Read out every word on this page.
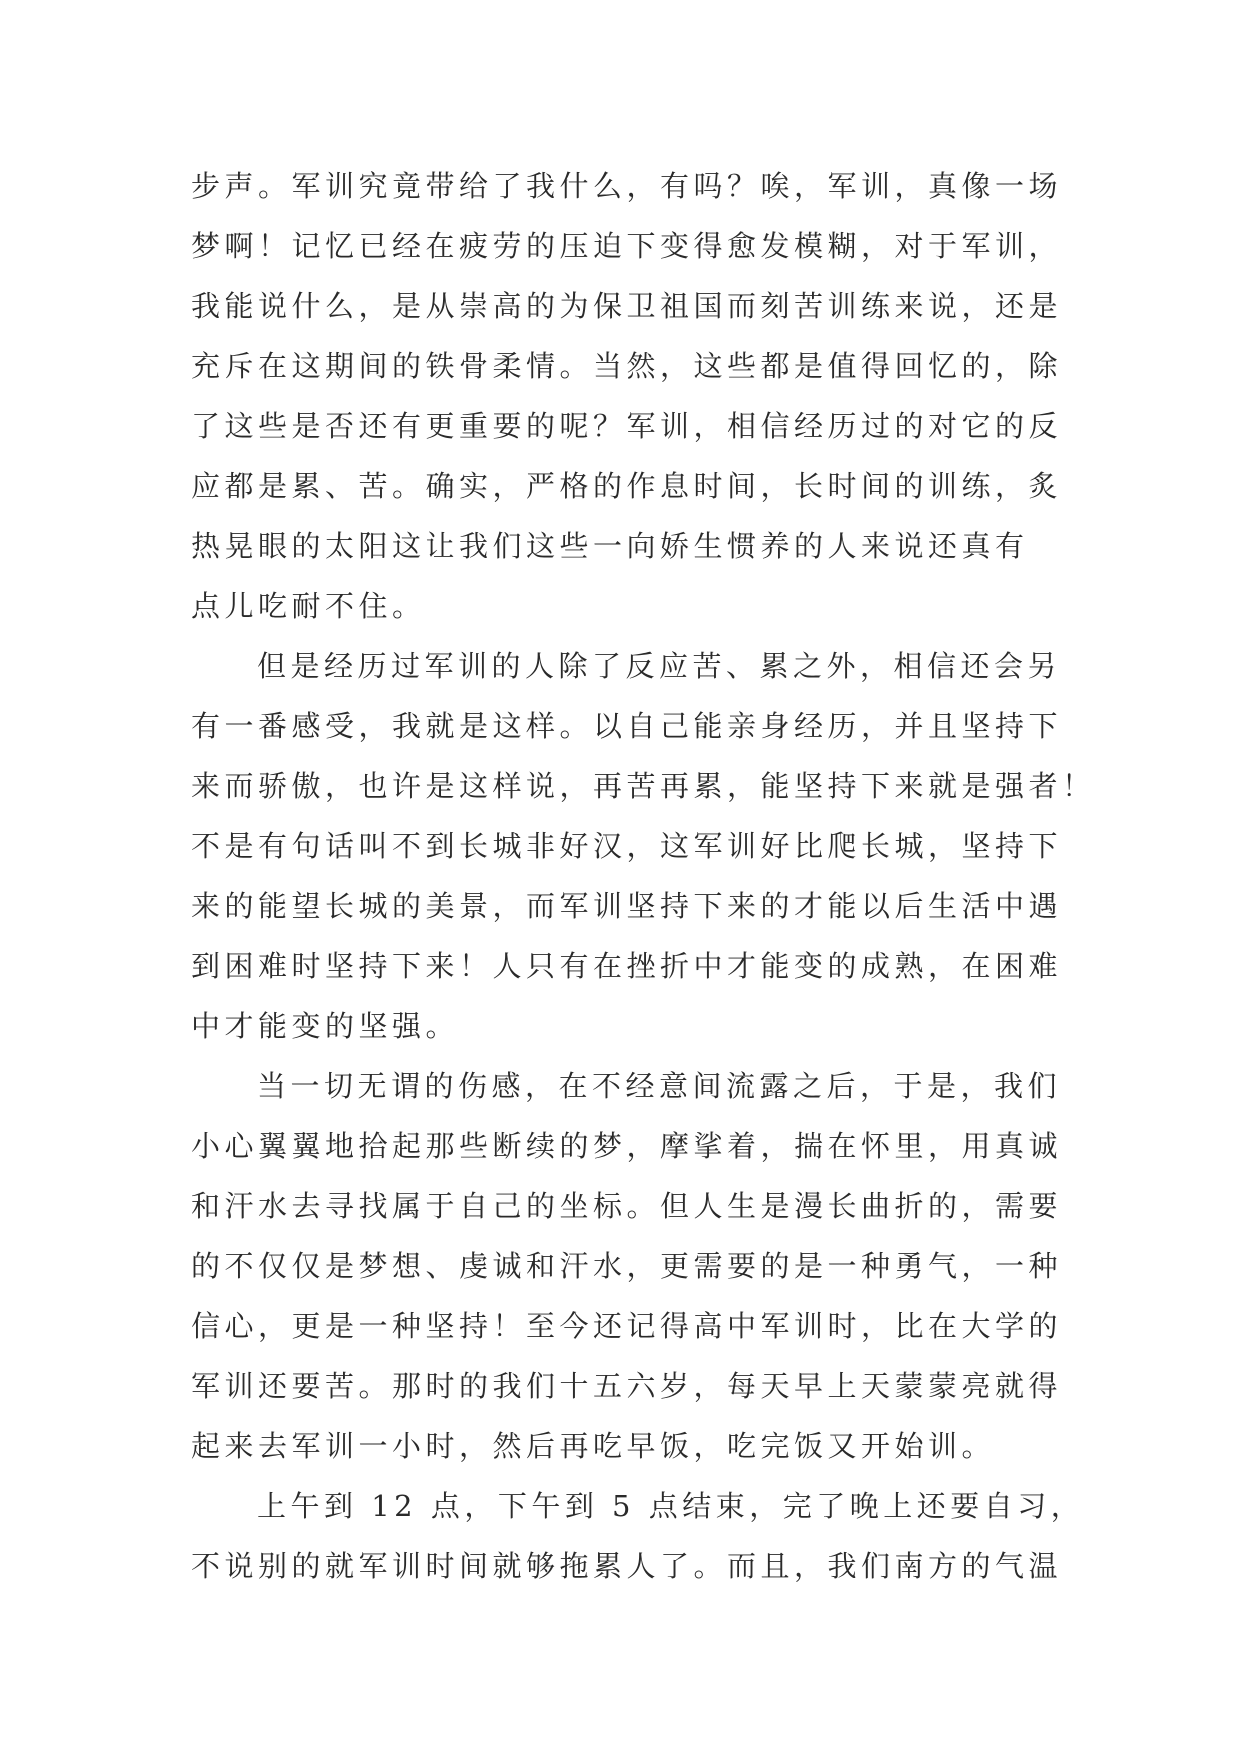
步声。军训究竟带给了我什么，有吗？唉，军训，真像一场
梦啊！记忆已经在疲劳的压迫下变得愈发模糊，对于军训，
我能说什么，是从崇高的为保卫祖国而刻苦训练来说，还是
充斥在这期间的铁骨柔情。当然，这些都是值得回忆的，除
了这些是否还有更重要的呢？军训，相信经历过的对它的反
应都是累、苦。确实，严格的作息时间，长时间的训练，炙
热晃眼的太阳这让我们这些一向娇生惯养的人来说还真有
点儿吃耐不住。
但是经历过军训的人除了反应苦、累之外，相信还会另
有一番感受，我就是这样。以自己能亲身经历，并且坚持下
来而骄傲，也许是这样说，再苦再累，能坚持下来就是强者！
不是有句话叫不到长城非好汉，这军训好比爬长城，坚持下
来的能望长城的美景，而军训坚持下来的才能以后生活中遇
到困难时坚持下来！人只有在挫折中才能变的成熟，在困难
中才能变的坚强。
当一切无谓的伤感，在不经意间流露之后，于是，我们
小心翼翼地拾起那些断续的梦，摩挲着，揣在怀里，用真诚
和汗水去寻找属于自己的坐标。但人生是漫长曲折的，需要
的不仅仅是梦想、虔诚和汗水，更需要的是一种勇气，一种
信心，更是一种坚持！至今还记得高中军训时，比在大学的
军训还要苦。那时的我们十五六岁，每天早上天蒙蒙亮就得
起来去军训一小时，然后再吃早饭，吃完饭又开始训。
上午到 12 点，下午到 5 点结束，完了晚上还要自习，
不说别的就军训时间就够拖累人了。而且，我们南方的气温
